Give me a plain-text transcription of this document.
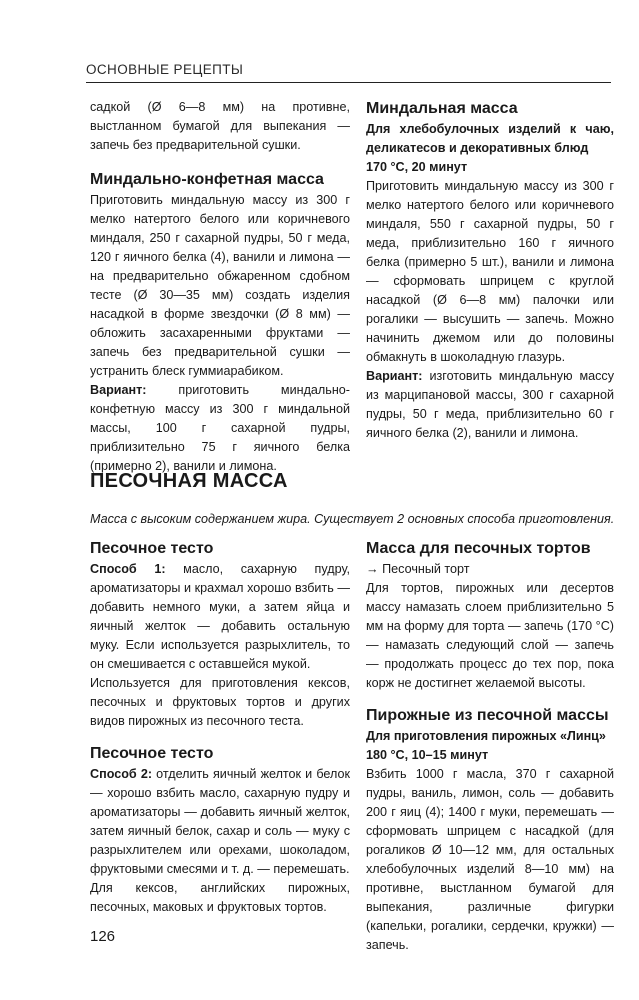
ОСНОВНЫЕ РЕЦЕПТЫ

садкой (Ø 6—8 мм) на противне, выстланном бумагой для выпекания — запечь без предварительной сушки.

Миндально-конфетная масса

Приготовить миндальную массу из 300 г мелко натертого белого или коричневого миндаля, 250 г сахарной пудры, 50 г меда, 120 г яичного белка (4), ванили и лимона — на предварительно обжаренном сдобном тесте (Ø 30—35 мм) создать изделия насадкой в форме звездочки (Ø 8 мм) — обложить засахаренными фруктами — запечь без предварительной сушки — устранить блеск гуммиарабиком.

Вариант: приготовить миндально-конфетную массу из 300 г миндальной массы, 100 г сахарной пудры, приблизительно 75 г яичного белка (примерно 2), ванили и лимона.

Миндальная масса
Для хлебобулочных изделий к чаю, деликатесов и декоративных блюд
170 °С, 20 минут

Приготовить миндальную массу из 300 г мелко натертого белого или коричневого миндаля, 550 г сахарной пудры, 50 г меда, приблизительно 160 г яичного белка (примерно 5 шт.), ванили и лимона — сформовать шприцем с круглой насадкой (Ø 6—8 мм) палочки или рогалики — высушить — запечь. Можно начинить джемом или до половины обмакнуть в шоколадную глазурь.

Вариант: изготовить миндальную массу из марципановой массы, 300 г сахарной пудры, 50 г меда, приблизительно 60 г яичного белка (2), ванили и лимона.

ПЕСОЧНАЯ МАССА
Масса с высоким содержанием жира. Существует 2 основных способа приготовления.
Песочное тесто

Способ 1: масло, сахарную пудру, ароматизаторы и крахмал хорошо взбить — добавить немного муки, а затем яйца и яичный желток — добавить остальную муку. Если используется разрыхлитель, то он смешивается с оставшейся мукой.

Используется для приготовления кексов, песочных и фруктовых тортов и других видов пирожных из песочного теста.

Песочное тесто

Способ 2: отделить яичный желток и белок — хорошо взбить масло, сахарную пудру и ароматизаторы — добавить яичный желток, затем яичный белок, сахар и соль — муку с разрыхлителем или орехами, шоколадом, фруктовыми смесями и т. д. — перемешать.

Для кексов, английских пирожных, песочных, маковых и фруктовых тортов.

Масса для песочных тортов
→ Песочный торт

Для тортов, пирожных или десертов массу намазать слоем приблизительно 5 мм на форму для торта — запечь (170 °С) — намазать следующий слой — запечь — продолжать процесс до тех пор, пока корж не достигнет желаемой высоты.

Пирожные из песочной массы
Для приготовления пирожных «Линц»
180 °С, 10–15 минут

Взбить 1000 г масла, 370 г сахарной пудры, ваниль, лимон, соль — добавить 200 г яиц (4); 1400 г муки, перемешать — сформовать шприцем с насадкой (для рогаликов Ø 10—12 мм, для остальных хлебобулочных изделий 8—10 мм) на противне, выстланном бумагой для выпекания, различные фигурки (капельки, рогалики, сердечки, кружки) — запечь.

126
